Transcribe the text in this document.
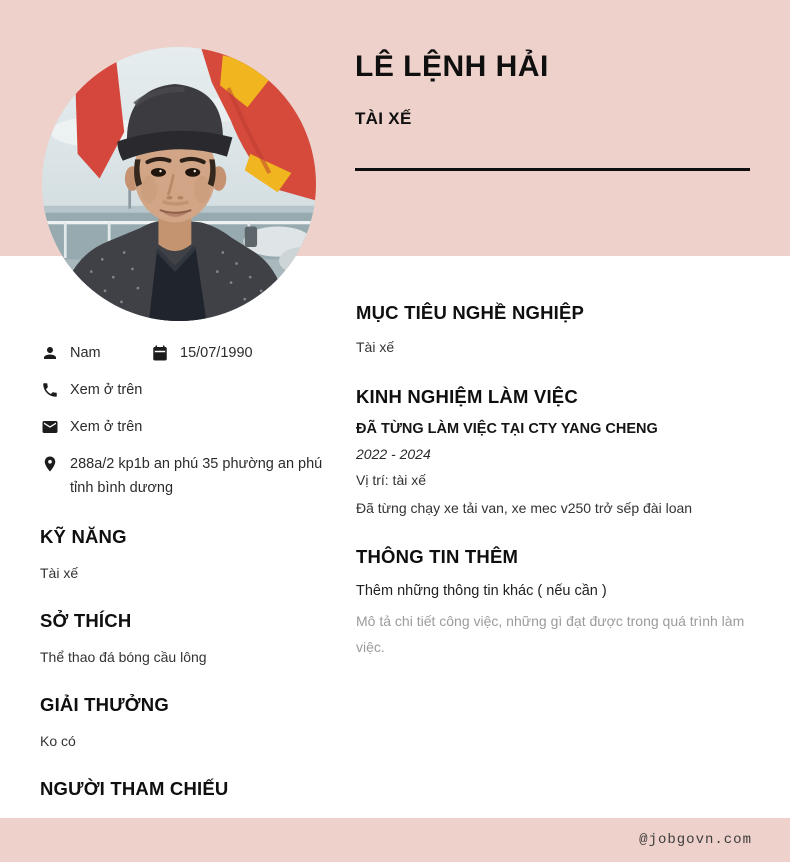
LÊ LỆNH HẢI
TÀI XẾ
Nam	15/07/1990
Xem ở trên
Xem ở trên
288a/2 kp1b an phú 35 phường an phú tỉnh bình dương
KỸ NĂNG
Tài xế
SỞ THÍCH
Thể thao đá bóng cầu lông
GIẢI THƯỞNG
Ko có
NGƯỜI THAM CHIẾU
MỤC TIÊU NGHỀ NGHIỆP
Tài xế
KINH NGHIỆM LÀM VIỆC
ĐÃ TỪNG LÀM VIỆC TẠI CTY YANG CHENG
2022 - 2024
Vị trí: tài xế
Đã từng chạy xe tải van, xe mec v250 trở sếp đài loan
THÔNG TIN THÊM
Thêm những thông tin khác ( nếu cần )
Mô tả chi tiết công việc, những gì đạt được trong quá trình làm việc.
@jobgovn.com
